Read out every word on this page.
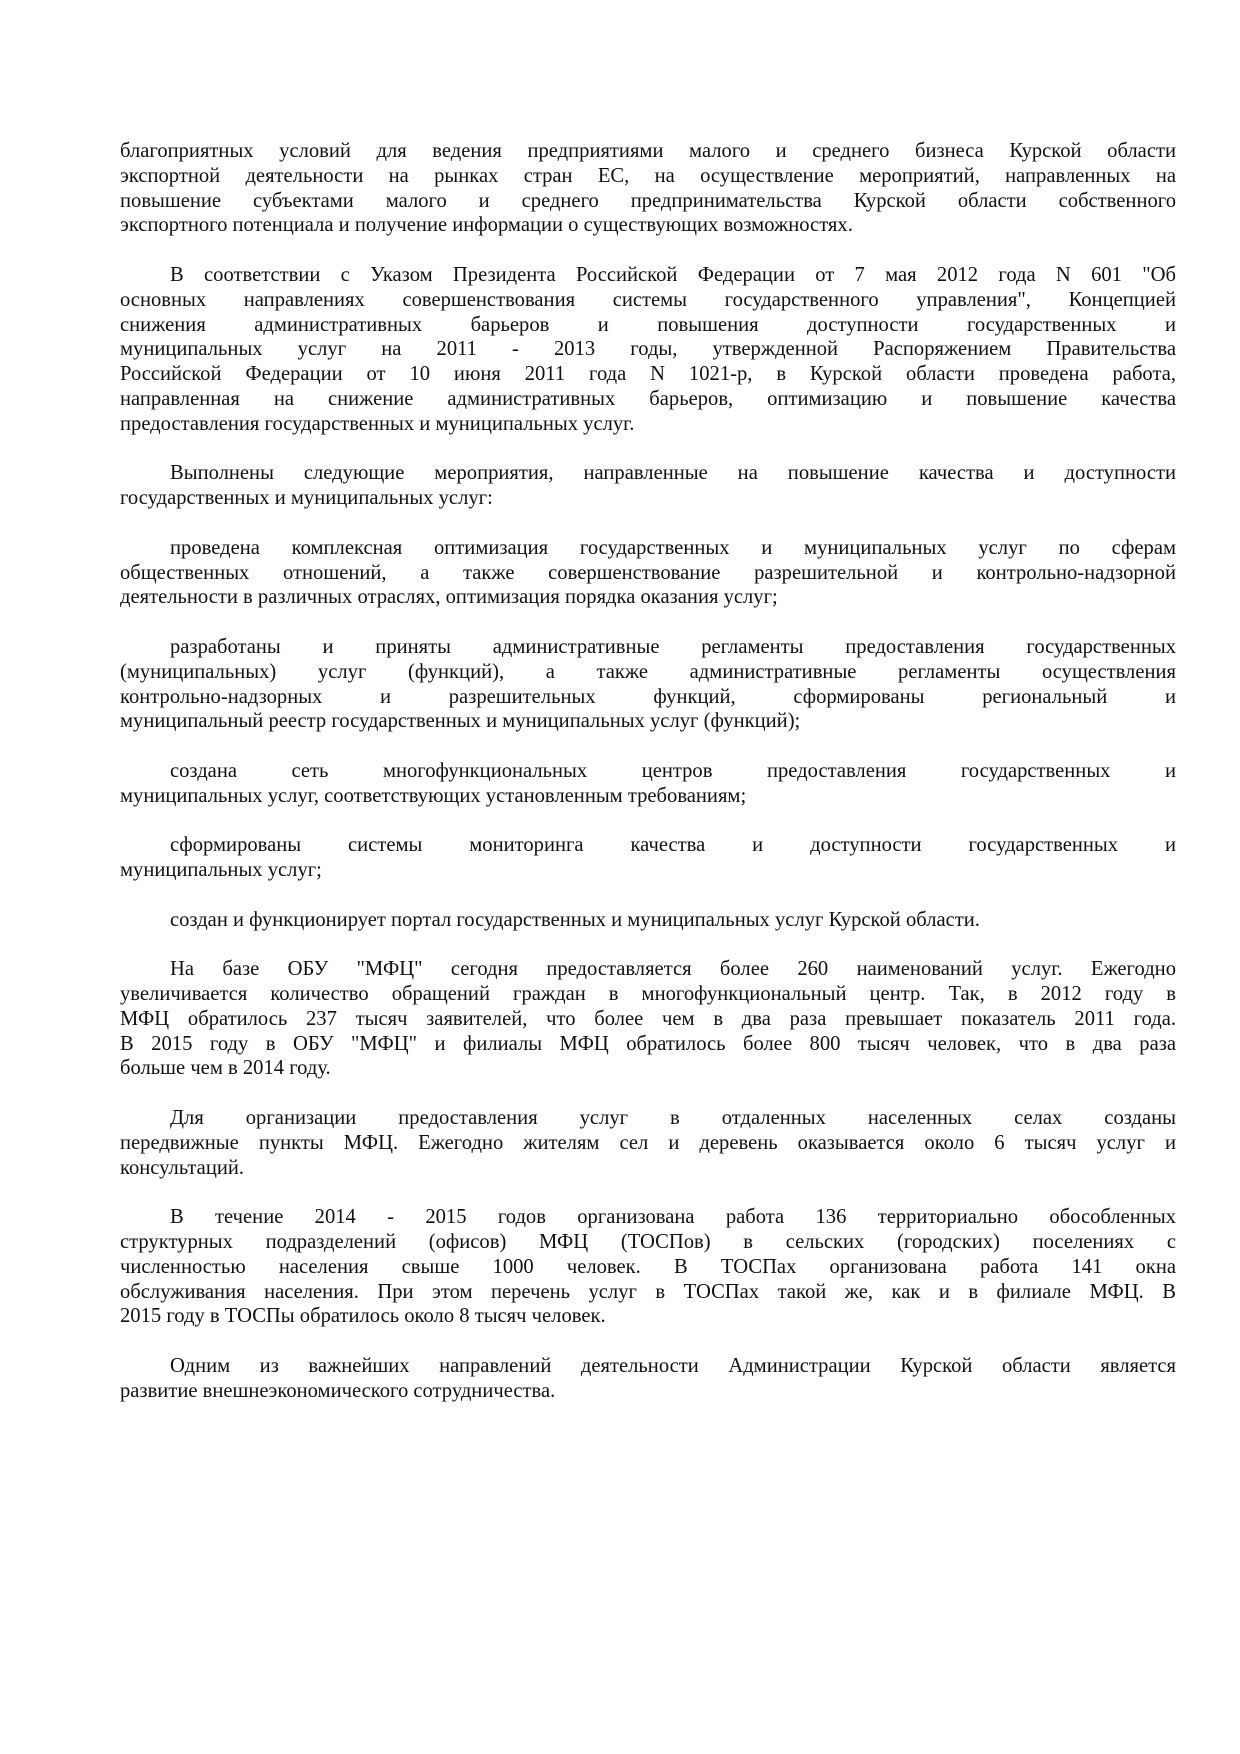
благоприятных условий для ведения предприятиями малого и среднего бизнеса Курской области
экспортной деятельности на рынках стран ЕС, на осуществление мероприятий, направленных на
повышение субъектами малого и среднего предпринимательства Курской области собственного
экспортного потенциала и получение информации о существующих возможностях.
В соответствии с Указом Президента Российской Федерации от 7 мая 2012 года N 601 "Об
основных направлениях совершенствования системы государственного управления", Концепцией
снижения административных барьеров и повышения доступности государственных и
муниципальных услуг на 2011 - 2013 годы, утвержденной Распоряжением Правительства
Российской Федерации от 10 июня 2011 года N 1021-р, в Курской области проведена работа,
направленная на снижение административных барьеров, оптимизацию и повышение качества
предоставления государственных и муниципальных услуг.
Выполнены следующие мероприятия, направленные на повышение качества и доступности
государственных и муниципальных услуг:
проведена комплексная оптимизация государственных и муниципальных услуг по сферам
общественных отношений, а также совершенствование разрешительной и контрольно-надзорной
деятельности в различных отраслях, оптимизация порядка оказания услуг;
разработаны и приняты административные регламенты предоставления государственных
(муниципальных) услуг (функций), а также административные регламенты осуществления
контрольно-надзорных и разрешительных функций, сформированы региональный и
муниципальный реестр государственных и муниципальных услуг (функций);
создана сеть многофункциональных центров предоставления государственных и
муниципальных услуг, соответствующих установленным требованиям;
сформированы системы мониторинга качества и доступности государственных и
муниципальных услуг;
создан и функционирует портал государственных и муниципальных услуг Курской области.
На базе ОБУ "МФЦ" сегодня предоставляется более 260 наименований услуг. Ежегодно
увеличивается количество обращений граждан в многофункциональный центр. Так, в 2012 году в
МФЦ обратилось 237 тысяч заявителей, что более чем в два раза превышает показатель 2011 года.
В 2015 году в ОБУ "МФЦ" и филиалы МФЦ обратилось более 800 тысяч человек, что в два раза
больше чем в 2014 году.
Для организации предоставления услуг в отдаленных населенных селах созданы
передвижные пункты МФЦ. Ежегодно жителям сел и деревень оказывается около 6 тысяч услуг и
консультаций.
В течение 2014 - 2015 годов организована работа 136 территориально обособленных
структурных подразделений (офисов) МФЦ (ТОСПов) в сельских (городских) поселениях с
численностью населения свыше 1000 человек. В ТОСПах организована работа 141 окна
обслуживания населения. При этом перечень услуг в ТОСПах такой же, как и в филиале МФЦ. В
2015 году в ТОСПы обратилось около 8 тысяч человек.
Одним из важнейших направлений деятельности Администрации Курской области является
развитие внешнеэкономического сотрудничества.
